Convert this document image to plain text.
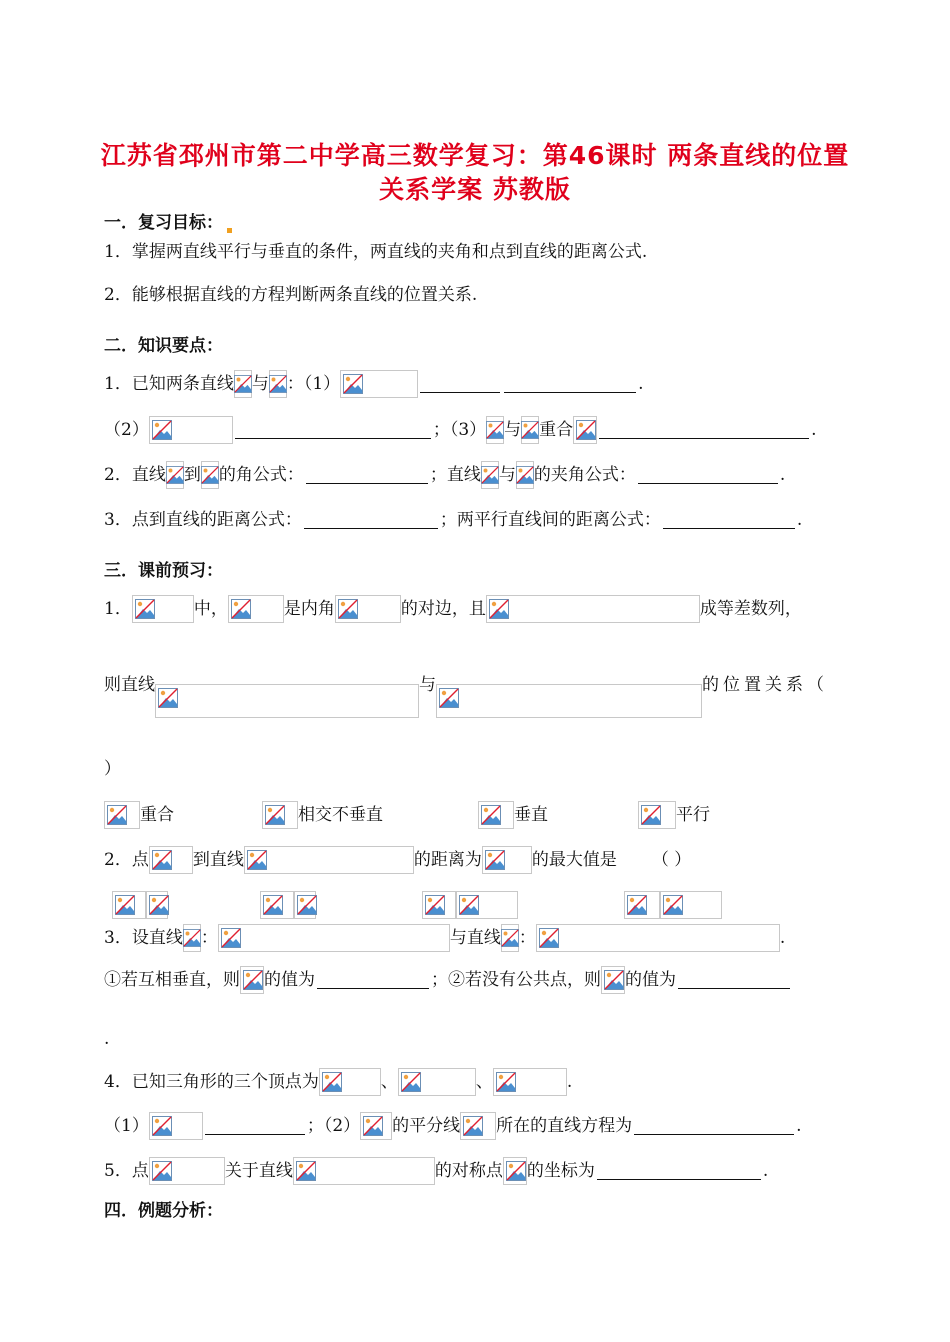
江苏省邳州市第二中学高三数学复习：第46课时 两条直线的位置
关系学案 苏教版
一．复习目标：
1．掌握两直线平行与垂直的条件，两直线的夹角和点到直线的距离公式.
2．能够根据直线的方程判断两条直线的位置关系.
二．知识要点：
1．已知两条直线 与 ：（1）	.
（2）	；（3） 与 重合	.
2．直线 到 的角公式：	；直线 与 的夹角公式：	.
3．点到直线的距离公式：	；两平行直线间的距离公式：	.
三．课前预习：
1．	中，	是内角	的对边，且	成等差数列，
则直线	与	的位置关系（
）
重合	相交不垂直	垂直	平行
2．点	到直线	的距离为	的最大值是 （ ）
3．设直线 ：	与直线 ：	.
①若互相垂直，则 的值为	；②若没有公共点，则 的值为
.
4．已知三角形的三个顶点为	、	、	.
（1）	；（2） 的平分线 所在的直线方程为	.
5．点	关于直线	的对称点 的坐标为	.
四．例题分析：
